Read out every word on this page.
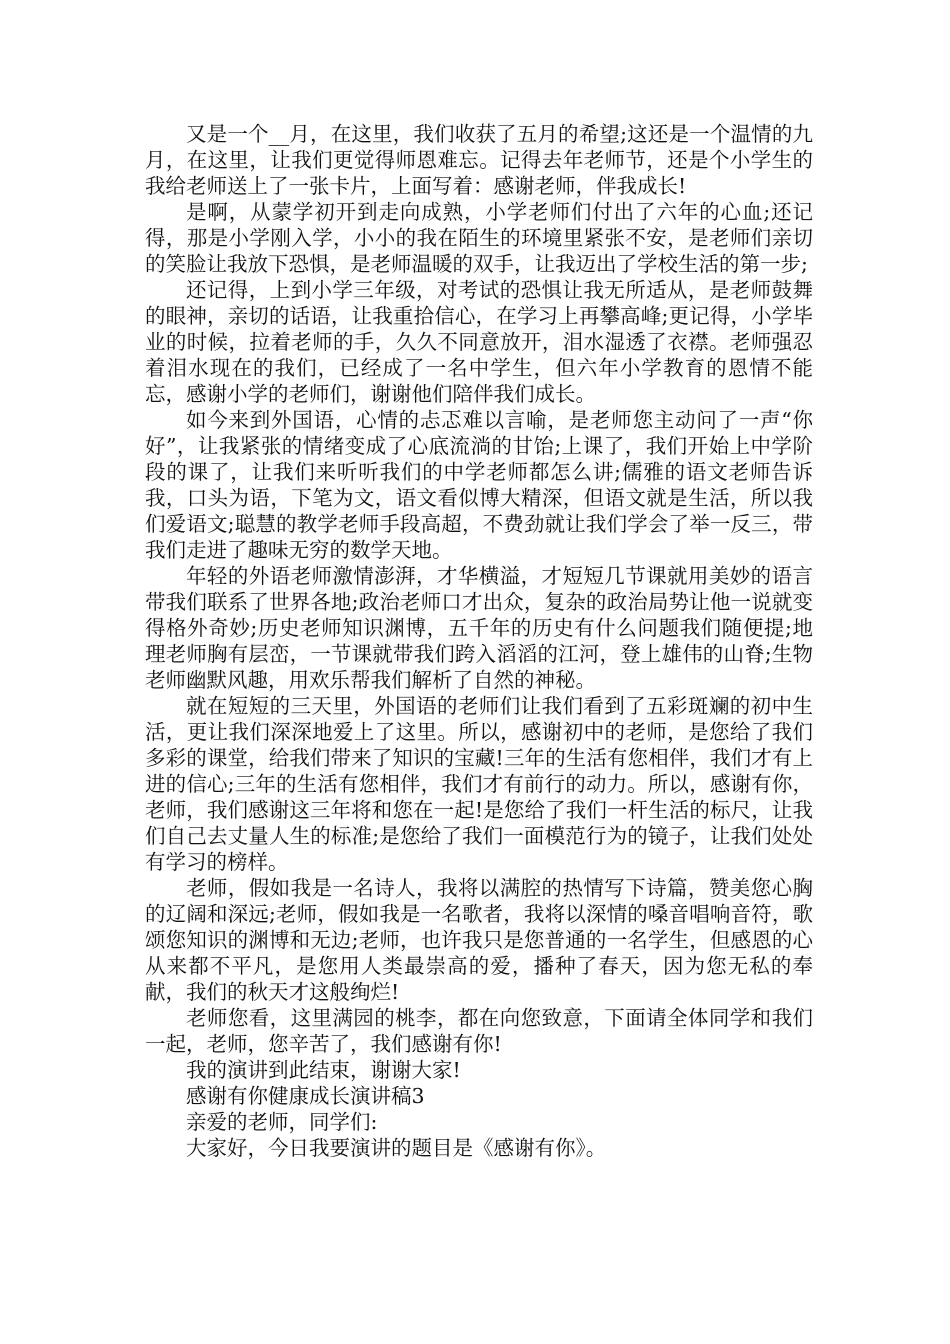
又是一个__月，在这里，我们收获了五月的希望;这还是一个温情的九月，在这里，让我们更觉得师恩难忘。记得去年老师节，还是个小学生的我给老师送上了一张卡片，上面写着：感谢老师，伴我成长!

是啊，从蒙学初开到走向成熟，小学老师们付出了六年的心血;还记得，那是小学刚入学，小小的我在陌生的环境里紧张不安，是老师们亲切的笑脸让我放下恐惧，是老师温暖的双手，让我迈出了学校生活的第一步;

还记得，上到小学三年级，对考试的恐惧让我无所适从，是老师鼓舞的眼神，亲切的话语，让我重拾信心，在学习上再攀高峰;更记得，小学毕业的时候，拉着老师的手，久久不同意放开，泪水湿透了衣襟。老师强忍着泪水现在的我们，已经成了一名中学生，但六年小学教育的恩情不能忘，感谢小学的老师们，谢谢他们陪伴我们成长。

如今来到外国语，心情的忐忑难以言喻，是老师您主动问了一声“你好”，让我紧张的情绪变成了心底流淌的甘饴;上课了，我们开始上中学阶段的课了，让我们来听听我们的中学老师都怎么讲;儒雅的语文老师告诉我，口头为语，下笔为文，语文看似博大精深，但语文就是生活，所以我们爱语文;聪慧的教学老师手段高超，不费劲就让我们学会了举一反三，带我们走进了趣味无穷的数学天地。

年轻的外语老师激情澎湃，才华横溢，才短短几节课就用美妙的语言带我们联系了世界各地;政治老师口才出众，复杂的政治局势让他一说就变得格外奇妙;历史老师知识渊博，五千年的历史有什么问题我们随便提;地理老师胸有层峦，一节课就带我们跨入滔滔的江河，登上雄伟的山脊;生物老师幽默风趣，用欢乐帮我们解析了自然的神秘。

就在短短的三天里，外国语的老师们让我们看到了五彩斑斓的初中生活，更让我们深深地爱上了这里。所以，感谢初中的老师，是您给了我们多彩的课堂，给我们带来了知识的宝藏!三年的生活有您相伴，我们才有上进的信心;三年的生活有您相伴，我们才有前行的动力。所以，感谢有你，老师，我们感谢这三年将和您在一起!是您给了我们一杆生活的标尺，让我们自己去丈量人生的标准;是您给了我们一面模范行为的镜子，让我们处处有学习的榜样。

老师，假如我是一名诗人，我将以满腔的热情写下诗篇，赞美您心胸的辽阔和深远;老师，假如我是一名歌者，我将以深情的嗓音唱响音符，歌颂您知识的渊博和无边;老师，也许我只是您普通的一名学生，但感恩的心从来都不平凡，是您用人类最崇高的爱，播种了春天，因为您无私的奉献，我们的秋天才这般绚烂!

老师您看，这里满园的桃李，都在向您致意，下面请全体同学和我们一起，老师，您辛苦了，我们感谢有你!

我的演讲到此结束，谢谢大家!

感谢有你健康成长演讲稿3

亲爱的老师，同学们:

大家好，今日我要演讲的题目是《感谢有你》。
